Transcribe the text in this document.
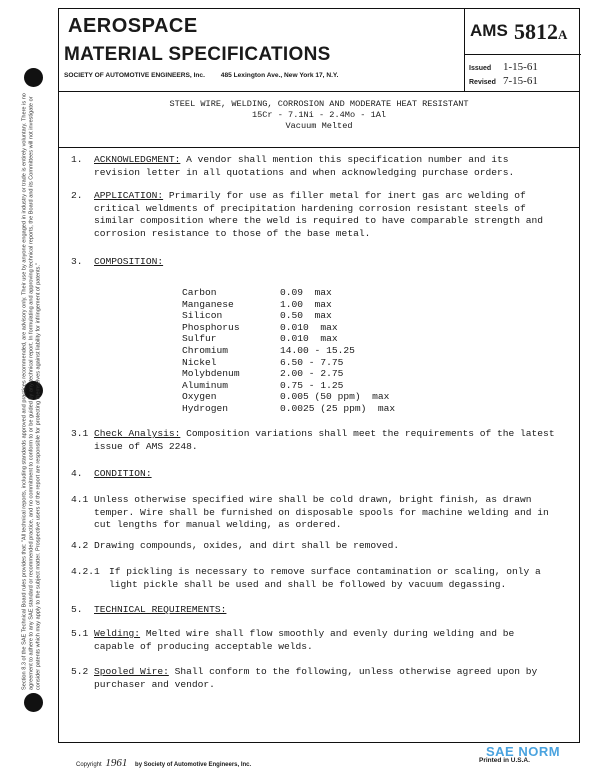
Section 8.3 of the SAE Technical Board rules provides that: "All technical reports, including standards approved and practices recommended, are advisory only. Their use by anyone engaged in industry or trade is entirely voluntary. There is no agreement to adhere to any SAE standard or recommended practice, and no commitment to conform to or be guided by any technical report. In formulating and approving technical reports, the Board and its Committees will not investigate or consider patents which may apply to the subject matter. Prospective users of the report are responsible for protecting themselves against liability for infringement of patents."
AEROSPACE
MATERIAL SPECIFICATIONS
SOCIETY OF AUTOMOTIVE ENGINEERS, Inc. 485 Lexington Ave., New York 17, N.Y.
AMS 5812A
Issued 1-15-61
Revised 7-15-61
STEEL WIRE, WELDING, CORROSION AND MODERATE HEAT RESISTANT
15Cr - 7.1Ni - 2.4Mo - 1Al
Vacuum Melted
1. ACKNOWLEDGMENT: A vendor shall mention this specification number and its revision letter in all quotations and when acknowledging purchase orders.
2. APPLICATION: Primarily for use as filler metal for inert gas arc welding of critical weldments of precipitation hardening corrosion resistant steels of similar composition where the weld is required to have comparable strength and corrosion resistance to those of the base metal.
3. COMPOSITION:
Carbon	0.09 max
Manganese	1.00 max
Silicon	0.50 max
Phosphorus	0.010 max
Sulfur	0.010 max
Chromium	14.00 - 15.25
Nickel	6.50 - 7.75
Molybdenum	2.00 - 2.75
Aluminum	0.75 - 1.25
Oxygen	0.005 (50 ppm) max
Hydrogen	0.0025 (25 ppm) max
3.1 Check Analysis: Composition variations shall meet the requirements of the latest issue of AMS 2248.
4. CONDITION:
4.1 Unless otherwise specified wire shall be cold drawn, bright finish, as drawn temper. Wire shall be furnished on disposable spools for machine welding and in cut lengths for manual welding, as ordered.
4.2 Drawing compounds, oxides, and dirt shall be removed.
4.2.1 If pickling is necessary to remove surface contamination or scaling, only a light pickle shall be used and shall be followed by vacuum degassing.
5. TECHNICAL REQUIREMENTS:
5.1 Welding: Melted wire shall flow smoothly and evenly during welding and be capable of producing acceptable welds.
5.2 Spooled Wire: Shall conform to the following, unless otherwise agreed upon by purchaser and vendor.
Copyright 1961 by Society of Automotive Engineers, Inc.
Printed in U.S.A.
SAE NORM
